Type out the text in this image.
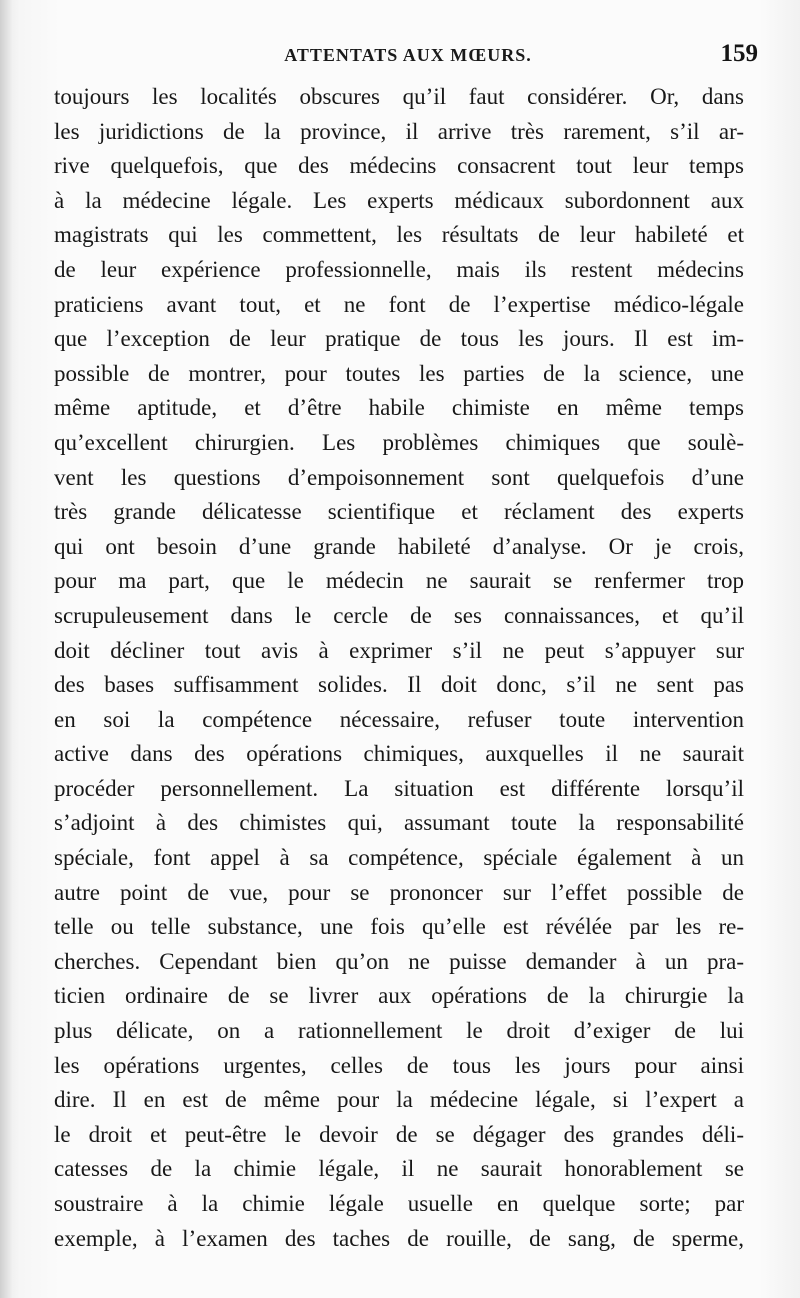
ATTENTATS AUX MŒURS.	159
toujours les localités obscures qu’il faut considérer. Or, dans
les juridictions de la province, il arrive très rarement, s’il ar-
rive quelquefois, que des médecins consacrent tout leur temps
à la médecine légale. Les experts médicaux subordonnent aux
magistrats qui les commettent, les résultats de leur habileté et
de leur expérience professionnelle, mais ils restent médecins
praticiens avant tout, et ne font de l’expertise médico-légale
que l’exception de leur pratique de tous les jours. Il est im-
possible de montrer, pour toutes les parties de la science, une
même aptitude, et d’être habile chimiste en même temps
qu’excellent chirurgien. Les problèmes chimiques que soulè-
vent les questions d’empoisonnement sont quelquefois d’une
très grande délicatesse scientifique et réclament des experts
qui ont besoin d’une grande habileté d’analyse. Or je crois,
pour ma part, que le médecin ne saurait se renfermer trop
scrupuleusement dans le cercle de ses connaissances, et qu’il
doit décliner tout avis à exprimer s’il ne peut s’appuyer sur
des bases suffisamment solides. Il doit donc, s’il ne sent pas
en soi la compétence nécessaire, refuser toute intervention
active dans des opérations chimiques, auxquelles il ne saurait
procéder personnellement. La situation est différente lorsqu’il
s’adjoint à des chimistes qui, assumant toute la responsabilité
spéciale, font appel à sa compétence, spéciale également à un
autre point de vue, pour se prononcer sur l’effet possible de
telle ou telle substance, une fois qu’elle est révélée par les re-
cherches. Cependant bien qu’on ne puisse demander à un pra-
ticien ordinaire de se livrer aux opérations de la chirurgie la
plus délicate, on a rationnellement le droit d’exiger de lui
les opérations urgentes, celles de tous les jours pour ainsi
dire. Il en est de même pour la médecine légale, si l’expert a
le droit et peut-être le devoir de se dégager des grandes déli-
catesses de la chimie légale, il ne saurait honorablement se
soustraire à la chimie légale usuelle en quelque sorte; par
exemple, à l’examen des taches de rouille, de sang, de sperme,
